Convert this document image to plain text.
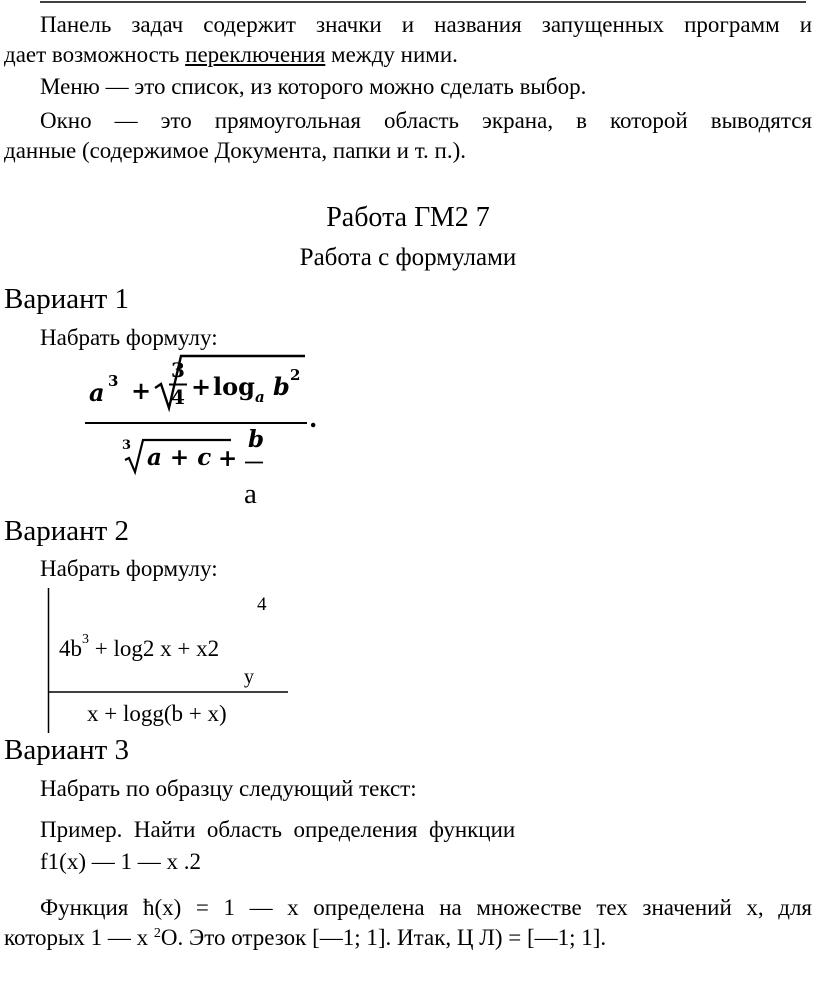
Панель задач содержит значки и названия запущенных программ и
дает возможность переключения между ними.
Меню — это список, из которого можно сделать выбор.
Окно — это прямоугольная область экрана, в которой выводятся
данные (содержимое Документа, папки и т. п.).
Работа ГМ2 7
Работа с формулами
Вариант 1
Набрать формулу:
a 3 +
3
4 + log a b 2
.
3 a + c +
b
a
Вариант 2
Набрать формулу:
4
$4b^3 + \log 2$ x + x2
у
x + logg(b + x)
Вариант 3
Набрать по образцу следующий текст:
Пример.  Найти  область  определения  функции
f1(x) — 1 — x .2
Функция ħ(x) = 1 — x определена на множестве тех значений x, для
которых 1 — x $^2$O. Это отрезок [—1; 1]. Итак, Ц Л) = [—1; 1].
